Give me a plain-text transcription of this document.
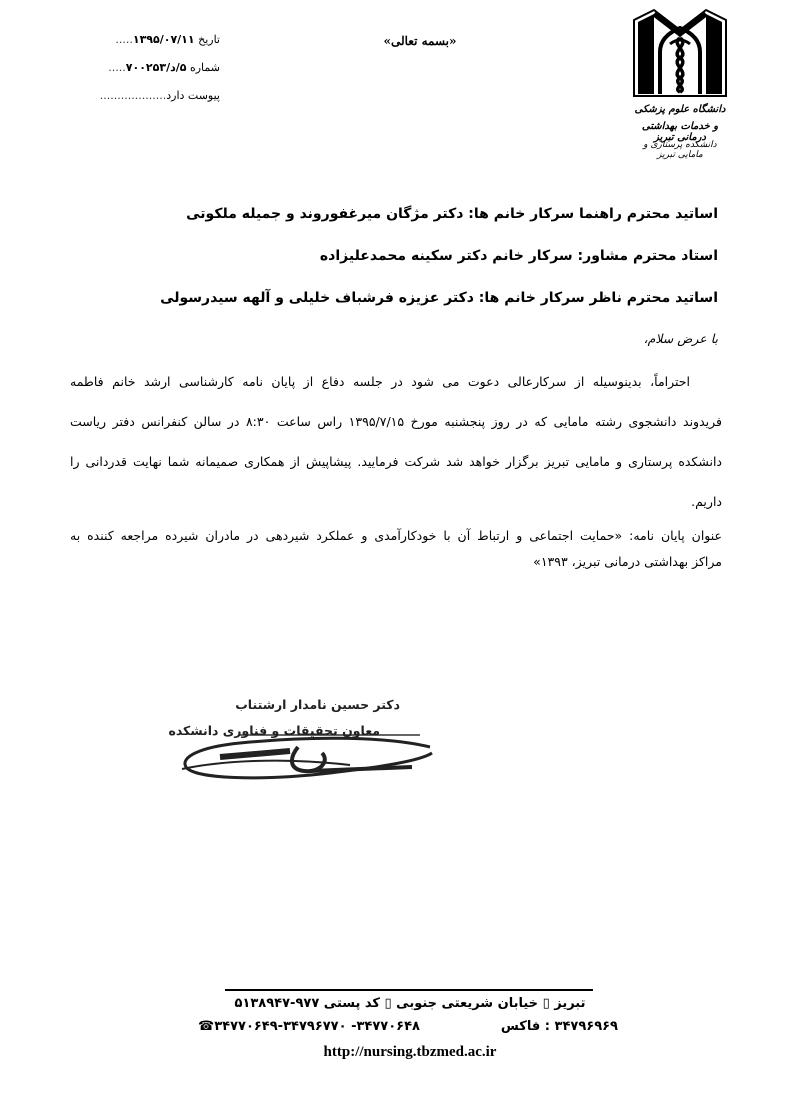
تاریخ ۱۳۹۵/۰۷/۱۱.....
شماره ۵/د/۷۰۰۲۵۳.....
پیوست دارد...................
«بسمه تعالی»
دانشگاه علوم پزشکی
و خدمات بهداشتی درمانی تبریز
دانشکده پرستاری و مامایی تبریز
اساتید محترم راهنما سرکار خانم ها: دکتر مژگان میرغفوروند و جمیله ملکوتی
استاد محترم مشاور: سرکار خانم دکتر سکینه محمدعلیزاده
اساتید محترم ناظر سرکار خانم ها: دکتر عزیزه فرشباف خلیلی و آلهه سیدرسولی
با عرض سلام،
احتراماً، بدینوسیله از سرکارعالی دعوت می شود در جلسه دفاع از پایان نامه کارشناسی ارشد خانم فاطمه
فریدوند دانشجوی رشته مامایی که در روز پنجشنبه مورخ ۱۳۹۵/۷/۱۵ راس ساعت ۸:۳۰ در سالن کنفرانس دفتر ریاست
دانشکده پرستاری و مامایی تبریز برگزار خواهد شد شرکت فرمایید. پیشاپیش از همکاری صمیمانه شما نهایت قدردانی را
داریم.
عنوان پایان نامه: «حمایت اجتماعی و ارتباط آن با خودکارآمدی و عملکرد شیردهی در مادران شیرده مراجعه کننده به
مراکز بهداشتی درمانی تبریز، ۱۳۹۳»
دکتر حسین نامدار ارشتناب
معاون تحقیقات و فناوری دانشکده
تبریز ▯ خیابان شریعتی جنوبی ▯ کد پستی ۹۷۷-۵۱۳۸۹۴۷
۳۴۷۹۶۹۶۹ : فاکس
۳۴۷۷۰۶۴۸- ۳۴۷۷۰۶۴۹-۳۴۷۹۶۷۷۰☎
http://nursing.tbzmed.ac.ir
